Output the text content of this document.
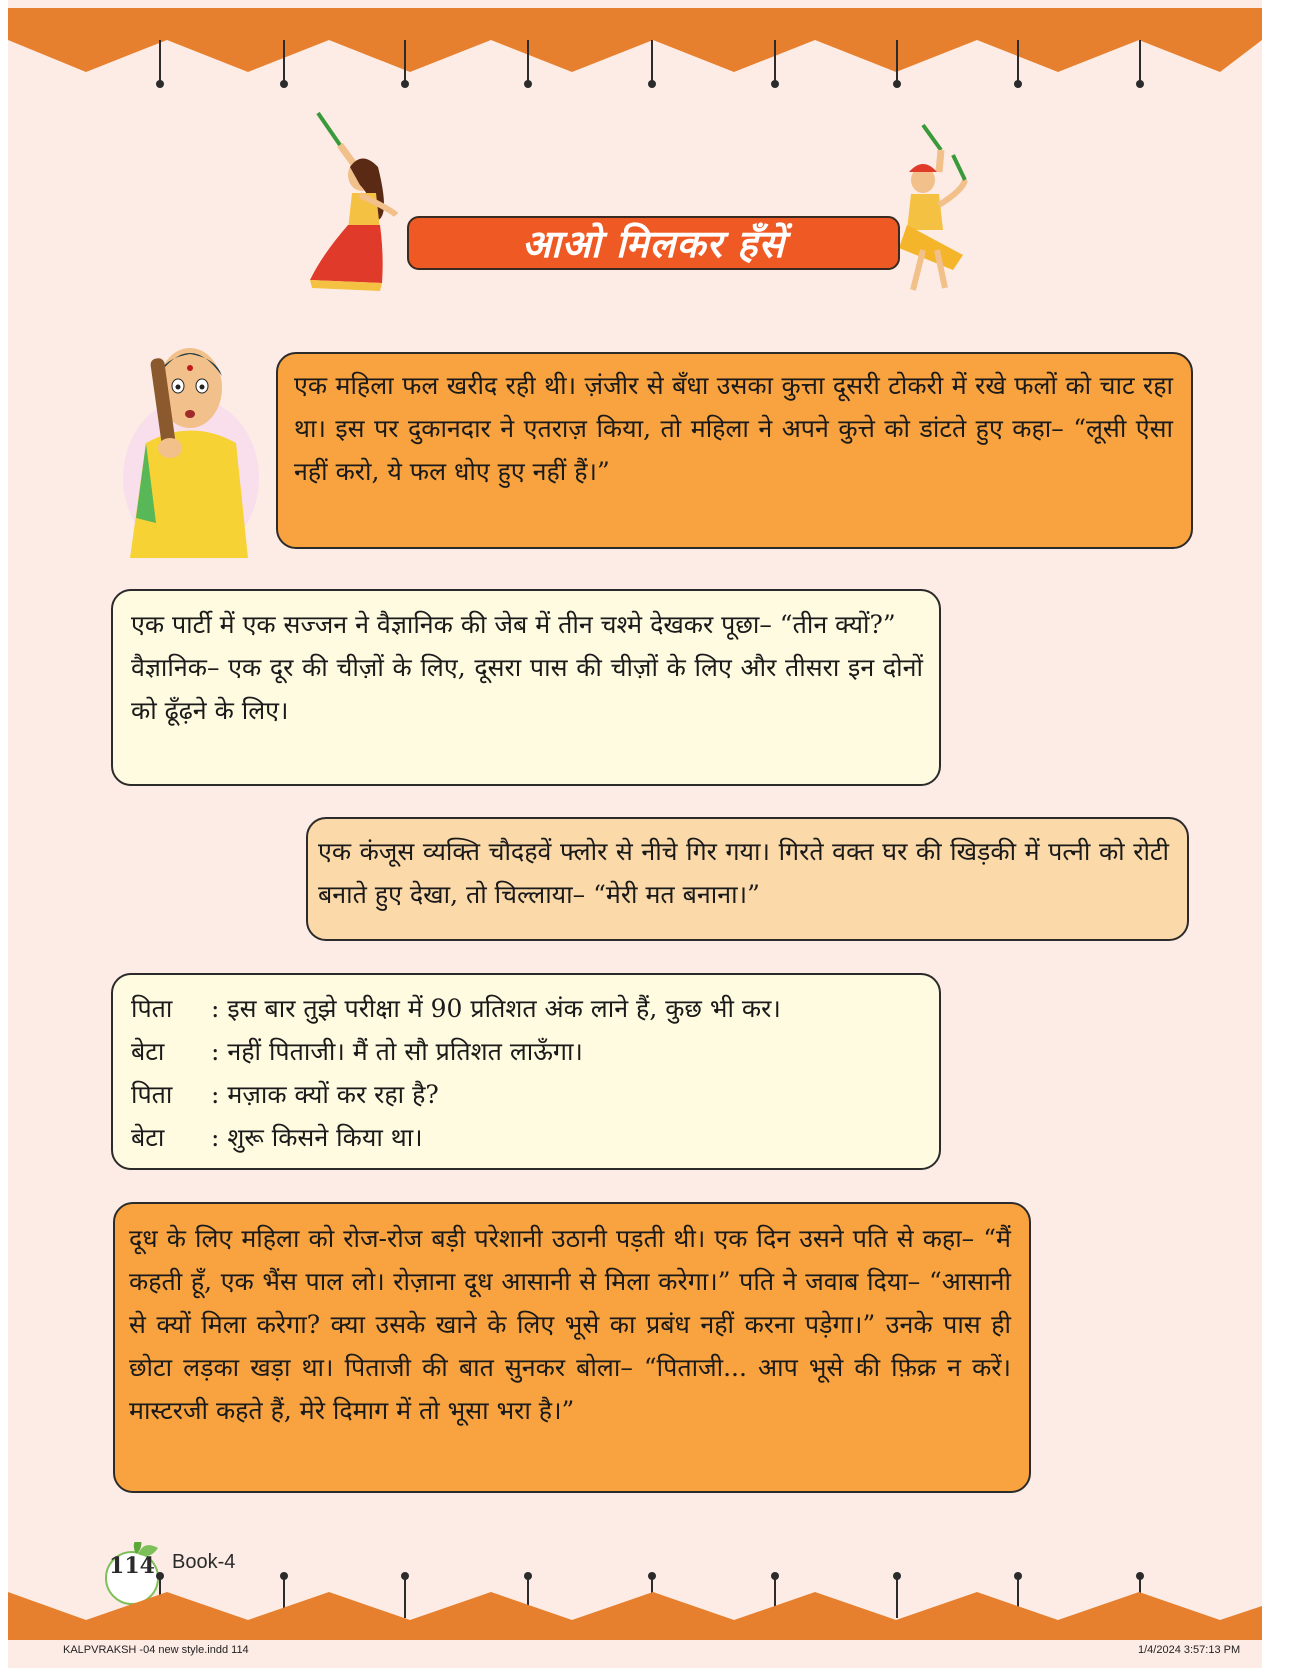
आओ मिलकर हँसें

एक महिला फल खरीद रही थी। ज़ंजीर से बँधा उसका कुत्ता दूसरी टोकरी में रखे फलों को चाट रहा था। इस पर दुकानदार ने एतराज़ किया, तो महिला ने अपने कुत्ते को डांटते हुए कहा– “लूसी ऐसा नहीं करो, ये फल धोए हुए नहीं हैं।”

एक पार्टी में एक सज्जन ने वैज्ञानिक की जेब में तीन चश्मे देखकर पूछा– “तीन क्यों?”

वैज्ञानिक– एक दूर की चीज़ों के लिए, दूसरा पास की चीज़ों के लिए और तीसरा इन दोनों को ढूँढ़ने के लिए।

एक कंजूस व्यक्ति चौदहवें फ्लोर से नीचे गिर गया। गिरते वक्त घर की खिड़की में पत्नी को रोटी बनाते हुए देखा, तो चिल्लाया– “मेरी मत बनाना।”

पिता	: इस बार तुझे परीक्षा में 90 प्रतिशत अंक लाने हैं, कुछ भी कर।
बेटा	: नहीं पिताजी। मैं तो सौ प्रतिशत लाऊँगा।
पिता	: मज़ाक क्यों कर रहा है?
बेटा	: शुरू किसने किया था।

दूध के लिए महिला को रोज-रोज बड़ी परेशानी उठानी पड़ती थी। एक दिन उसने पति से कहा– “मैं कहती हूँ, एक भैंस पाल लो। रोज़ाना दूध आसानी से मिला करेगा।” पति ने जवाब दिया– “आसानी से क्यों मिला करेगा? क्या उसके खाने के लिए भूसे का प्रबंध नहीं करना पड़ेगा।” उनके पास ही छोटा लड़का खड़ा था। पिताजी की बात सुनकर बोला– “पिताजी... आप भूसे की फ़िक्र न करें। मास्टरजी कहते हैं, मेरे दिमाग में तो भूसा भरा है।”

114 Book-4
KALPVRAKSH -04 new style.indd 114	1/4/2024 3:57:13 PM
